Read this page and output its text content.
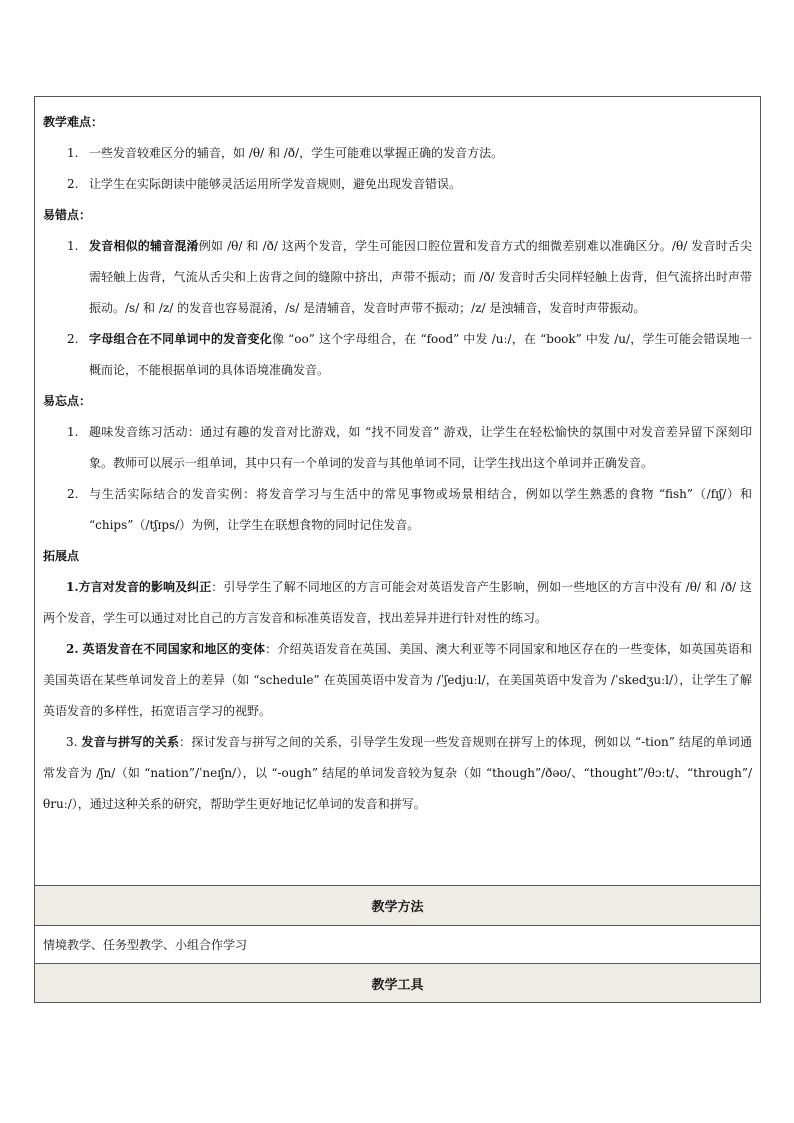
教学难点：

1. 一些发音较难区分的辅音，如 /θ/ 和 /ð/，学生可能难以掌握正确的发音方法。
2. 让学生在实际朗读中能够灵活运用所学发音规则，避免出现发音错误。

易错点：

1. 发音相似的辅音混淆例如 /θ/ 和 /ð/ 这两个发音，学生可能因口腔位置和发音方式的细微差别难以准确区分。/θ/ 发音时舌尖需轻触上齿背，气流从舌尖和上齿背之间的缝隙中挤出，声带不振动；而 /ð/ 发音时舌尖同样轻触上齿背，但气流挤出时声带振动。/s/ 和 /z/ 的发音也容易混淆，/s/ 是清辅音，发音时声带不振动；/z/ 是浊辅音，发音时声带振动。
2. 字母组合在不同单词中的发音变化像 “oo” 这个字母组合，在 “food” 中发 /uː/，在 “book” 中发 /u/，学生可能会错误地一概而论，不能根据单词的具体语境准确发音。

易忘点：

1. 趣味发音练习活动：通过有趣的发音对比游戏，如 “找不同发音” 游戏，让学生在轻松愉快的氛围中对发音差异留下深刻印象。教师可以展示一组单词，其中只有一个单词的发音与其他单词不同，让学生找出这个单词并正确发音。
2. 与生活实际结合的发音实例：将发音学习与生活中的常见事物或场景相结合，例如以学生熟悉的食物 “fish”（/fɪʃ/）和 “chips”（/tʃɪps/）为例，让学生在联想食物的同时记住发音。

拓展点

1.方言对发音的影响及纠正：引导学生了解不同地区的方言可能会对英语发音产生影响，例如一些地区的方言中没有 /θ/ 和 /ð/ 这两个发音，学生可以通过对比自己的方言发音和标准英语发音，找出差异并进行针对性的练习。

2. 英语发音在不同国家和地区的变体：介绍英语发音在英国、美国、澳大利亚等不同国家和地区存在的一些变体，如英国英语和美国英语在某些单词发音上的差异（如 “schedule” 在英国英语中发音为 /ˈʃedjuːl/，在美国英语中发音为 /ˈskedʒuːl/），让学生了解英语发音的多样性，拓宽语言学习的视野。

3. 发音与拼写的关系：探讨发音与拼写之间的关系，引导学生发现一些发音规则在拼写上的体现，例如以 “-tion” 结尾的单词通常发音为 /ʃn/（如 “nation”/ˈneɪʃn/），以 “-ough” 结尾的单词发音较为复杂（如 “though”/ðəʊ/、“thought”/θɔːt/、“through”/θruː/），通过这种关系的研究，帮助学生更好地记忆单词的发音和拼写。

教学方法
情境教学、任务型教学、小组合作学习
教学工具
